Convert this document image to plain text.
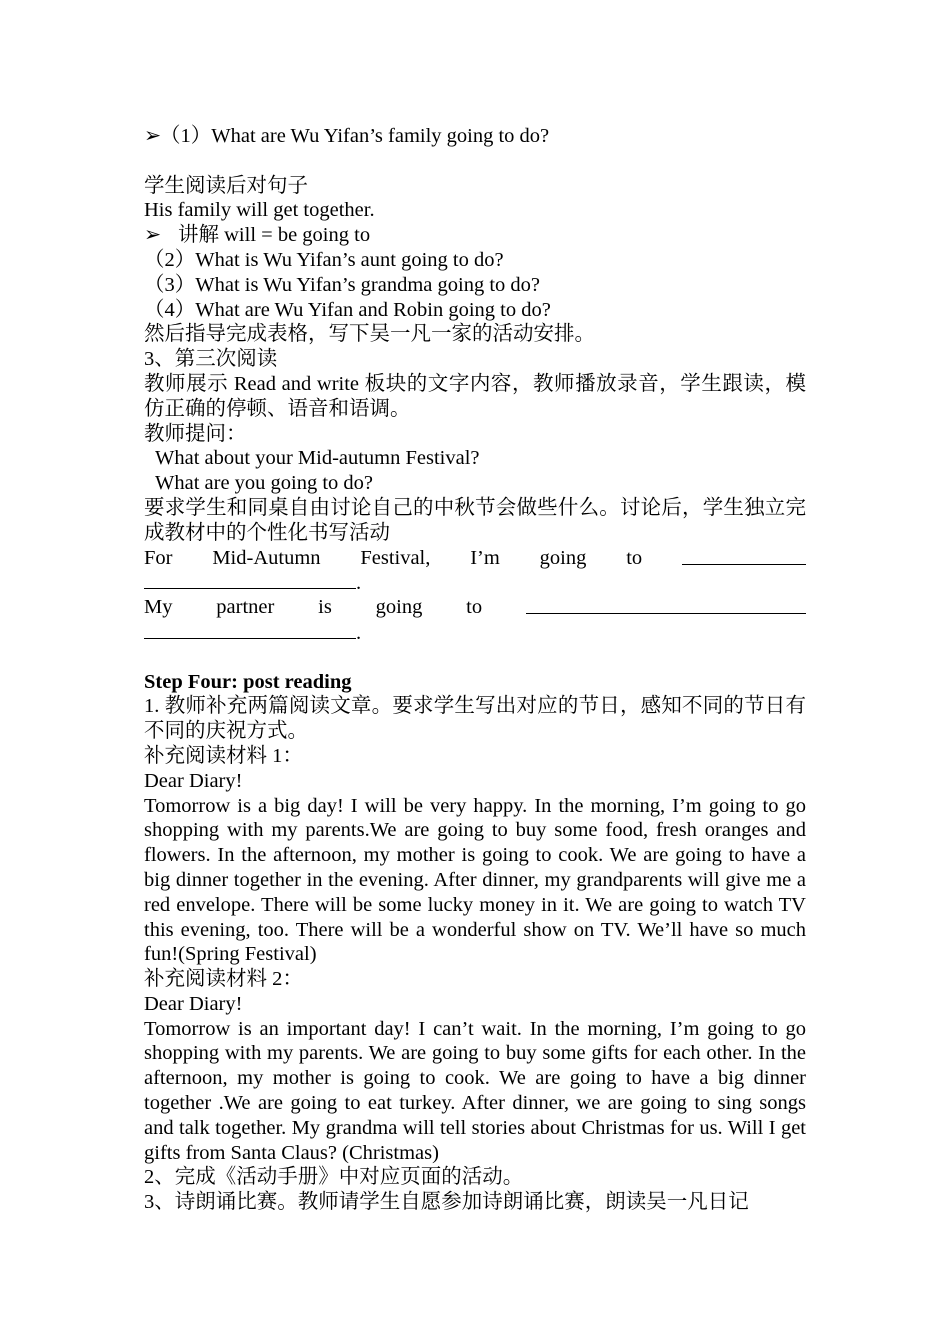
➢（1）What are Wu Yifan’s family going to do?
学生阅读后对句子
His family will get together.
➢ 讲解 will = be going to
（2）What is Wu Yifan’s aunt going to do?
（3）What is Wu Yifan’s grandma going to do?
（4）What are Wu Yifan and Robin going to do?
然后指导完成表格，写下吴一凡一家的活动安排。
3、第三次阅读
教师展示 Read and write 板块的文字内容，教师播放录音，学生跟读，模仿正确的停顿、语音和语调。
教师提问：
What about your Mid-autumn Festival?
What are you going to do?
要求学生和同桌自由讨论自己的中秋节会做些什么。讨论后，学生独立完成教材中的个性化书写活动
For Mid-Autumn Festival, I’m going to
.
My partner is going to
.
Step Four: post reading
1. 教师补充两篇阅读文章。要求学生写出对应的节日，感知不同的节日有不同的庆祝方式。
补充阅读材料 1：
Dear Diary!
Tomorrow is a big day! I will be very happy. In the morning, I’m going to go shopping with my parents.We are going to buy some food, fresh oranges and flowers. In the afternoon, my mother is going to cook. We are going to have a big dinner together in the evening. After dinner, my grandparents will give me a red envelope. There will be some lucky money in it. We are going to watch TV this evening, too. There will be a wonderful show on TV. We’ll have so much fun!(Spring Festival)
补充阅读材料 2：
Dear Diary!
Tomorrow is an important day! I can’t wait. In the morning, I’m going to go shopping with my parents. We are going to buy some gifts for each other. In the afternoon, my mother is going to cook. We are going to have a big dinner together .We are going to eat turkey. After dinner, we are going to sing songs and talk together. My grandma will tell stories about Christmas for us. Will I get gifts from Santa Claus? (Christmas)
2、完成《活动手册》中对应页面的活动。
3、诗朗诵比赛。教师请学生自愿参加诗朗诵比赛，朗读吴一凡日记
